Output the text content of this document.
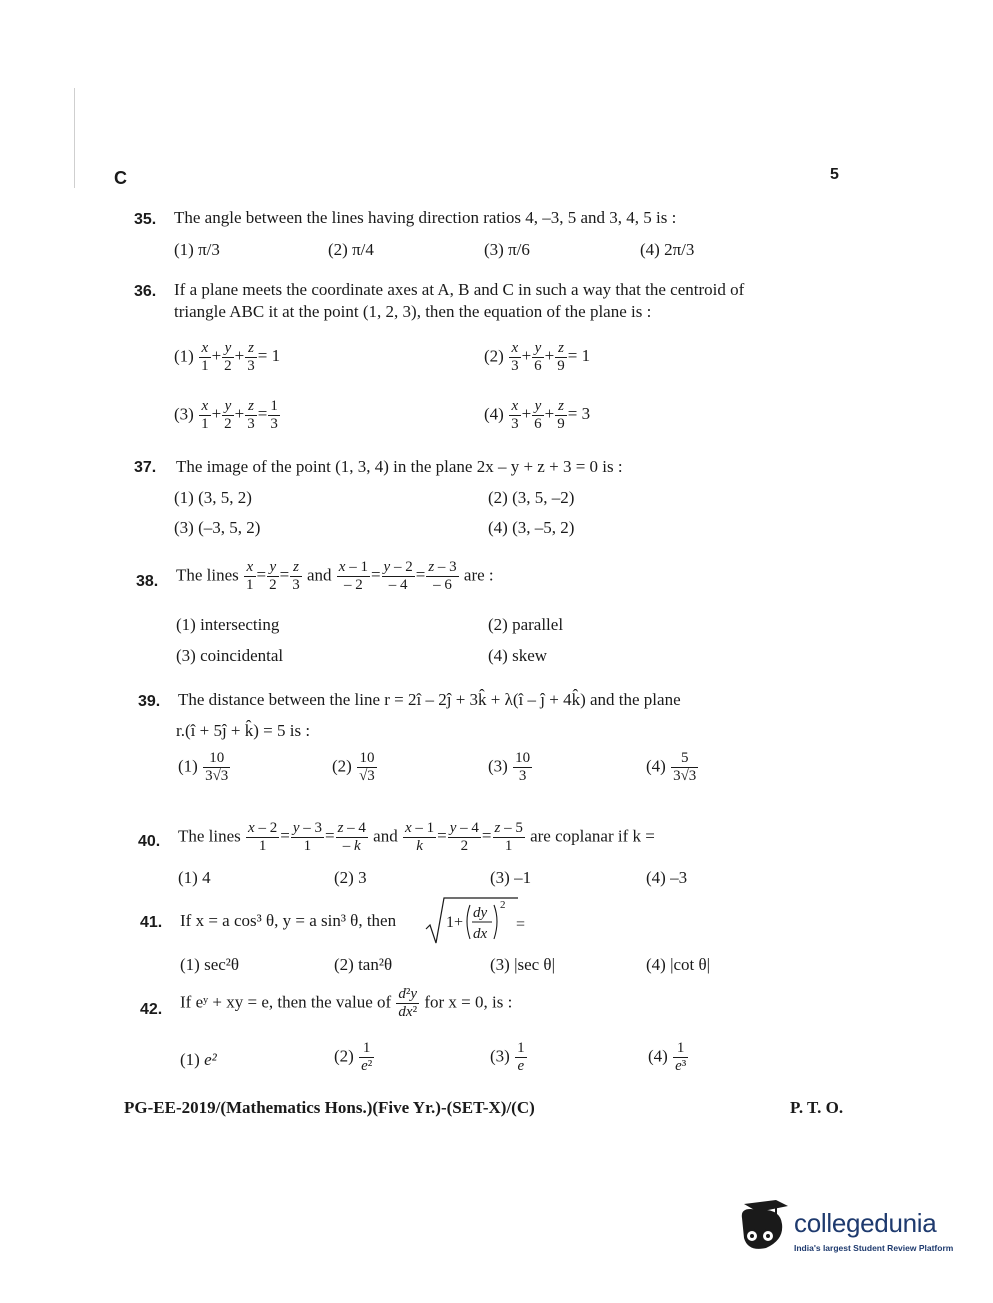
C	5
35. The angle between the lines having direction ratios 4, –3, 5 and 3, 4, 5 is :
(1) π/3	(2) π/4	(3) π/6	(4) 2π/3
36. If a plane meets the coordinate axes at A, B and C in such a way that the centroid of
triangle ABC it at the point (1, 2, 3), then the equation of the plane is :
$(1) \frac{x}{1} + \frac{y}{2} + \frac{z}{3} = 1$	$(2) \frac{x}{3} + \frac{y}{6} + \frac{z}{9} = 1$
$(3) \frac{x}{1} + \frac{y}{2} + \frac{z}{3} = \frac{1}{3}$	$(4) \frac{x}{3} + \frac{y}{6} + \frac{z}{9} = 3$
37. The image of the point (1, 3, 4) in the plane 2x – y + z + 3 = 0 is :
(1) (3, 5, 2)	(2) (3, 5, –2)
(3) (–3, 5, 2)	(4) (3, –5, 2)
38. The lines $\frac{x}{1} = \frac{y}{2} = \frac{z}{3}$ and $\frac{x - 1}{- 2} = \frac{y - 2}{- 4} = \frac{z - 3}{- 6}$ are :
(1) intersecting	(2) parallel
(3) coincidental	(4) skew
39. The distance between the line r = 2î – 2ĵ + 3k̂ + λ(î – ĵ + 4k̂) and the plane
r.(î + 5ĵ + k̂) = 5 is :
$(1) \frac{10}{3√3}$	$(2) \frac{10}{√3}$	$(3) \frac{10}{3}$	$(4) \frac{5}{3√3}$
40. The lines $\frac{x - 2}{1} = \frac{y - 3}{1} = \frac{z - 4}{- k}$ and $\frac{x - 1}{k} = \frac{y - 4}{2} = \frac{z - 5}{1}$ are coplanar if k =
(1) 4	(2) 3	(3) –1	(4) –3
41. If x = a cos³ θ, y = a sin³ θ, then	1+
dy
dx
2
=
(1) sec²θ	(2) tan²θ	(3) |sec θ|	(4) |cot θ|
42. If eʸ + xy = e, then the value of $\frac{\text{d²y}}{\text{dx²}}$ for x = 0, is :
(1) e²	$(2) \frac{1}{\text{e²}}$	$(3) \frac{1}{e}$	$(4) \frac{1}{\text{e³}}$
PG-EE-2019/(Mathematics Hons.)(Five Yr.)-(SET-X)/(C)	P. T. O.
collegedunia
India's largest Student Review Platform
